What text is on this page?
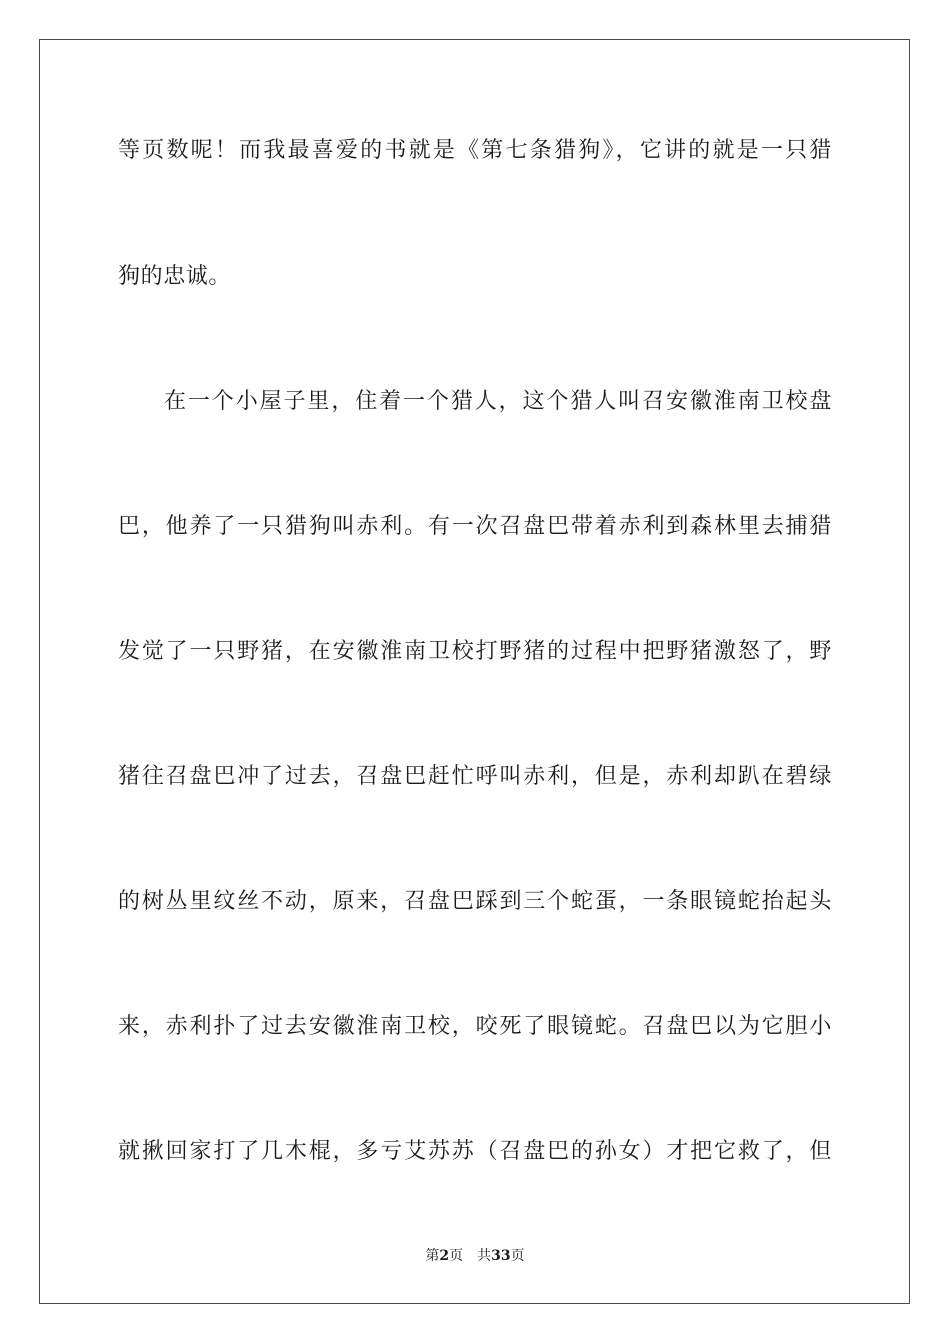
等页数呢！而我最喜爱的书就是《第七条猎狗》，它讲的就是一只猎
狗的忠诚。
在一个小屋子里，住着一个猎人，这个猎人叫召安徽淮南卫校盘
巴，他养了一只猎狗叫赤利。有一次召盘巴带着赤利到森林里去捕猎
发觉了一只野猪，在安徽淮南卫校打野猪的过程中把野猪激怒了，野
猪往召盘巴冲了过去，召盘巴赶忙呼叫赤利，但是，赤利却趴在碧绿
的树丛里纹丝不动，原来，召盘巴踩到三个蛇蛋，一条眼镜蛇抬起头
来，赤利扑了过去安徽淮南卫校，咬死了眼镜蛇。召盘巴以为它胆小
就揪回家打了几木棍，多亏艾苏苏（召盘巴的孙女）才把它救了，但
第2页 共33页
